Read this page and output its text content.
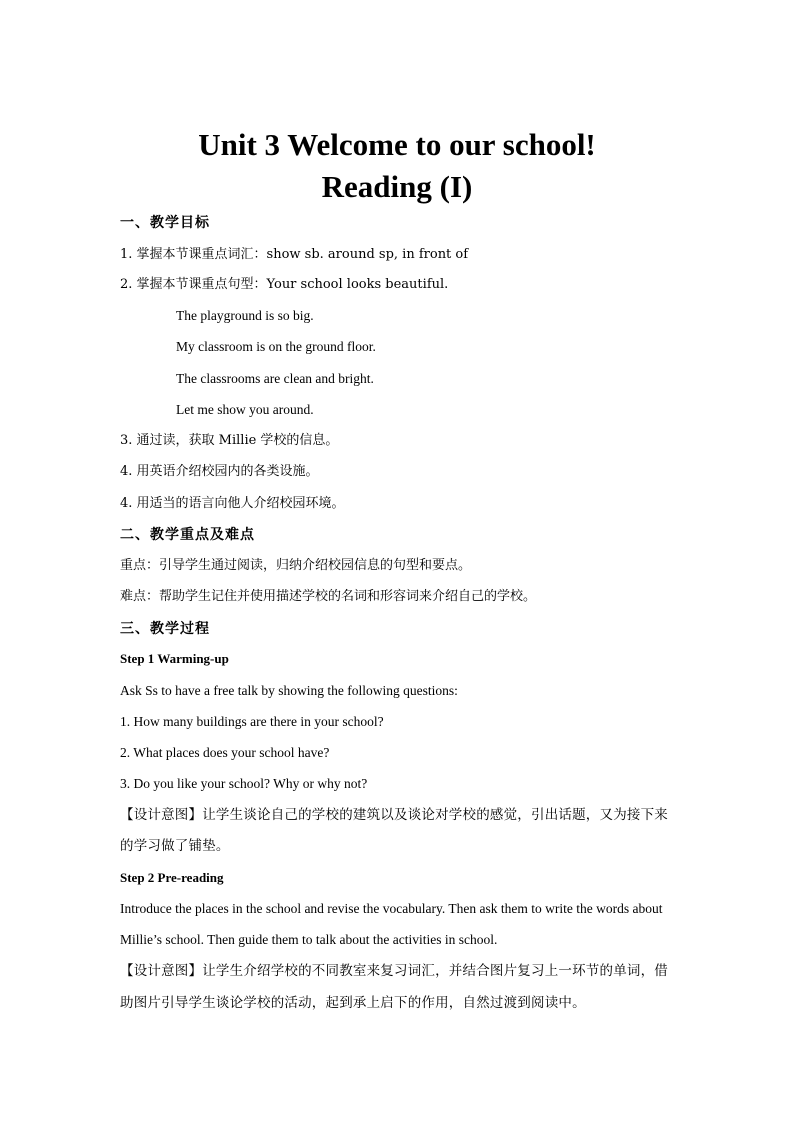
Unit 3 Welcome to our school!
Reading (I)
一、教学目标
1. 掌握本节课重点词汇：show sb. around sp, in front of
2. 掌握本节课重点句型：Your school looks beautiful.
The playground is so big.
My classroom is on the ground floor.
The classrooms are clean and bright.
Let me show you around.
3. 通过读，获取 Millie 学校的信息。
4. 用英语介绍校园内的各类设施。
4. 用适当的语言向他人介绍校园环境。
二、教学重点及难点
重点：引导学生通过阅读，归纳介绍校园信息的句型和要点。
难点：帮助学生记住并使用描述学校的名词和形容词来介绍自己的学校。
三、教学过程
Step 1 Warming-up
Ask Ss to have a free talk by showing the following questions:
1. How many buildings are there in your school?
2. What places does your school have?
3. Do you like your school? Why or why not?
【设计意图】让学生谈论自己的学校的建筑以及谈论对学校的感觉，引出话题，又为接下来
的学习做了铺垫。
Step 2 Pre-reading
Introduce the places in the school and revise the vocabulary. Then ask them to write the words about
Millie’s school. Then guide them to talk about the activities in school.
【设计意图】让学生介绍学校的不同教室来复习词汇，并结合图片复习上一环节的单词，借
助图片引导学生谈论学校的活动，起到承上启下的作用，自然过渡到阅读中。
